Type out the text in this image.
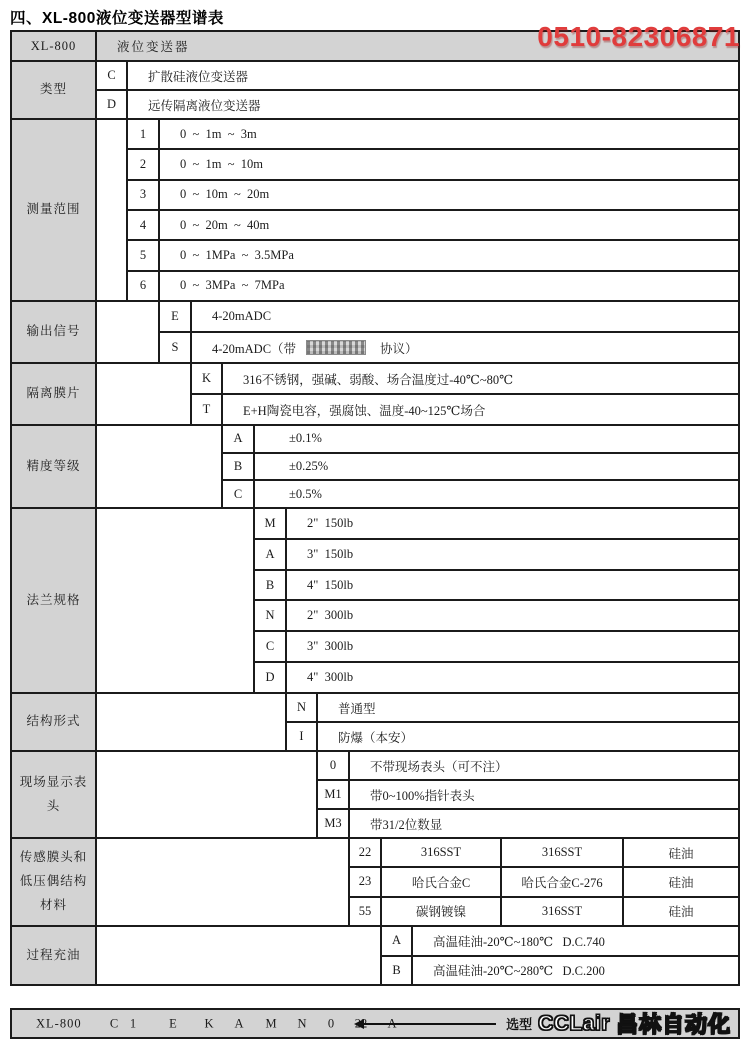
四、XL-800液位变送器型谱表
0510-82306871
XL-800	液位变送器
类型
C	扩散硅液位变送器
D	远传隔离液位变送器
测量范围
1	0  ~  1m  ~  3m
2	0  ~  1m  ~  10m
3	0  ~  10m  ~  20m
4	0  ~  20m  ~  40m
5	0  ~  1MPa  ~  3.5MPa
6	0  ~  3MPa  ~  7MPa
输出信号
E	4-20mADC
S	4-20mADC（带	协议）
隔离膜片
K	316不锈钢，强碱、弱酸、场合温度过-40℃~80℃
T	E+H陶瓷电容，强腐蚀、温度-40~125℃场合
精度等级
A	±0.1%
B	±0.25%
C	±0.5%
法兰规格
M	2"  150lb
A	3"  150lb
B	4"  150lb
N	2"  300lb
C	3"  300lb
D	4"  300lb
结构形式
N	普通型
I	防爆（本安）
现场显示表头
0	不带现场表头（可不注）
M1	带0~100%指针表头
M3	带31/2位数显
传感膜头和低压偶结构材料
22	316SST	316SST	硅油
23	哈氏合金C	哈氏合金C-276	硅油
55	碳钢镀镍	316SST	硅油
过程充油
A	高温硅油-20℃~180℃   D.C.740
B	高温硅油-20℃~280℃   D.C.200
XL-800 C 1	E K A M N 0	选型 CCLair 昌林自动化
